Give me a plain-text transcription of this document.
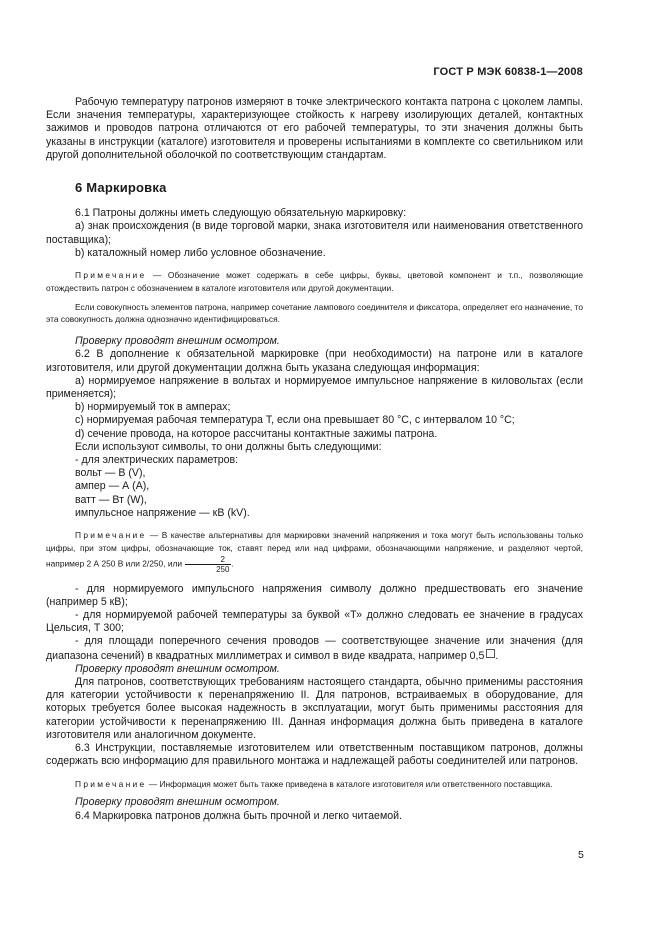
ГОСТ Р МЭК 60838-1—2008

Рабочую температуру патронов измеряют в точке электрического контакта патрона с цоколем лампы. Если значения температуры, характеризующее стойкость к нагреву изолирующих деталей, контактных зажимов и проводов патрона отличаются от его рабочей температуры, то эти значения должны быть указаны в инструкции (каталоге) изготовителя и проверены испытаниями в комплекте со светильником или другой дополнительной оболочкой по соответствующим стандартам.

6 Маркировка

6.1 Патроны должны иметь следующую обязательную маркировку:

а) знак происхождения (в виде торговой марки, знака изготовителя или наименования ответственного поставщика);

b) каталожный номер либо условное обозначение.

Примечание — Обозначение может содержать в себе цифры, буквы, цветовой компонент и т.п., позволяющие отождествить патрон с обозначением в каталоге изготовителя или другой документации.

Если совокупность элементов патрона, например сочетание лампового соединителя и фиксатора, определяет его назначение, то эта совокупность должна однозначно идентифицироваться.

Проверку проводят внешним осмотром.

6.2 В дополнение к обязательной маркировке (при необходимости) на патроне или в каталоге изготовителя, или другой документации должна быть указана следующая информация:

а) нормируемое напряжение в вольтах и нормируемое импульсное напряжение в киловольтах (если применяется);

b) нормируемый ток в амперах;

c) нормируемая рабочая температура Т, если она превышает 80 °С, с интервалом 10 °С;

d) сечение провода, на которое рассчитаны контактные зажимы патрона.

Если используют символы, то они должны быть следующими:

- для электрических параметров:

вольт — В (V),

ампер — А (А),

ватт — Вт (W),

импульсное напряжение — кВ (kV).

Примечание — В качестве альтернативы для маркировки значений напряжения и тока могут быть использованы только цифры, при этом цифры, обозначающие ток, ставят перед или над цифрами, обозначающими напряжение, и разделяют чертой, например 2 А 250 В или 2/250, или $\frac{2}{250}$ .

- для нормируемого импульсного напряжения символу должно предшествовать его значение (например 5 кВ);

- для нормируемой рабочей температуры за буквой «Т» должно следовать ее значение в градусах Цельсия, Т 300;

- для площади поперечного сечения проводов — соответствующее значение или значения (для диапазона сечений) в квадратных миллиметрах и символ в виде квадрата, например 0,5 .

Проверку проводят внешним осмотром.

Для патронов, соответствующих требованиям настоящего стандарта, обычно применимы расстояния для категории устойчивости к перенапряжению II. Для патронов, встраиваемых в оборудование, для которых требуется более высокая надежность в эксплуатации, могут быть применимы расстояния для категории устойчивости к перенапряжению III. Данная информация должна быть приведена в каталоге изготовителя или аналогичном документе.

6.3 Инструкции, поставляемые изготовителем или ответственным поставщиком патронов, должны содержать всю информацию для правильного монтажа и надлежащей работы соединителей или патронов.

Примечание — Информация может быть также приведена в каталоге изготовителя или ответственного поставщика.

Проверку проводят внешним осмотром.

6.4 Маркировка патронов должна быть прочной и легко читаемой.

5
